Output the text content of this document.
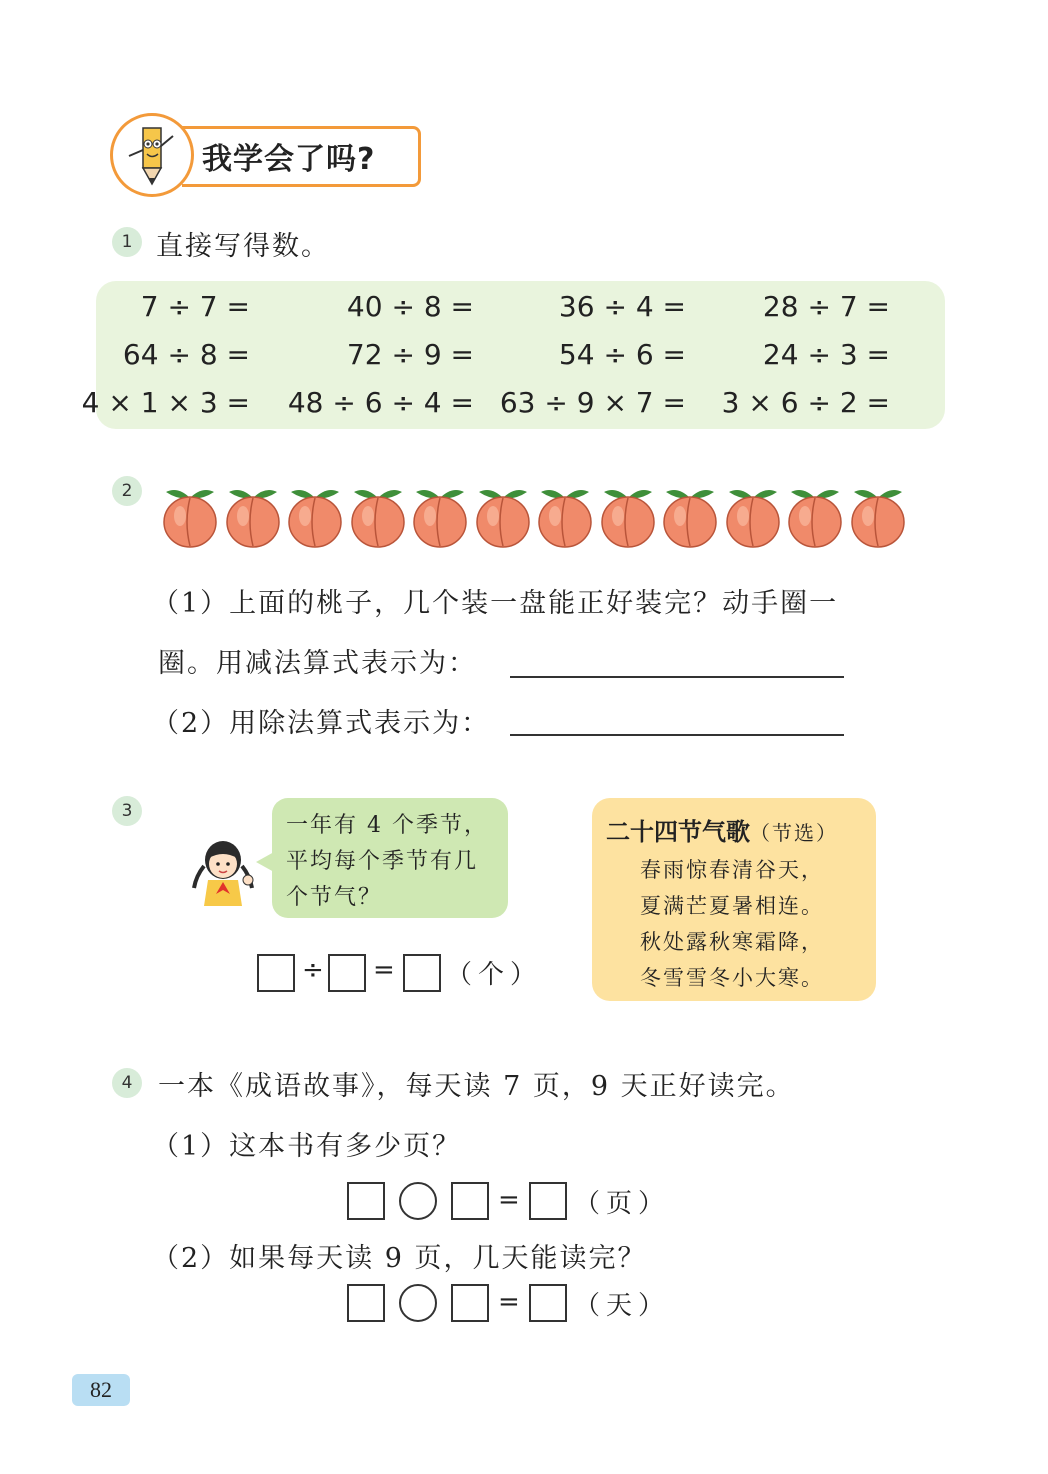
我学会了吗?
1 直接写得数。
7 ÷ 7 =	40 ÷ 8 =	36 ÷ 4 =	28 ÷ 7 =
64 ÷ 8 =	72 ÷ 9 =	54 ÷ 6 =	24 ÷ 3 =
4 × 1 × 3 =	48 ÷ 6 ÷ 4 = 63 ÷ 9 × 7 =	3 × 6 ÷ 2 =
2
（1）上面的桃子，几个装一盘能正好装完？动手圈一
圈。用减法算式表示为：
（2）用除法算式表示为：
3
一年有 4 个季节，平均每个季节有几个节气？
二十四节气歌（节选）
春雨惊春清谷天，
夏满芒夏暑相连。
秋处露秋寒霜降，
冬雪雪冬小大寒。
÷ = （个）
4 一本《成语故事》，每天读 7 页，9 天正好读完。
（1）这本书有多少页？
= （页）
（2）如果每天读 9 页，几天能读完？
= （天）
82
